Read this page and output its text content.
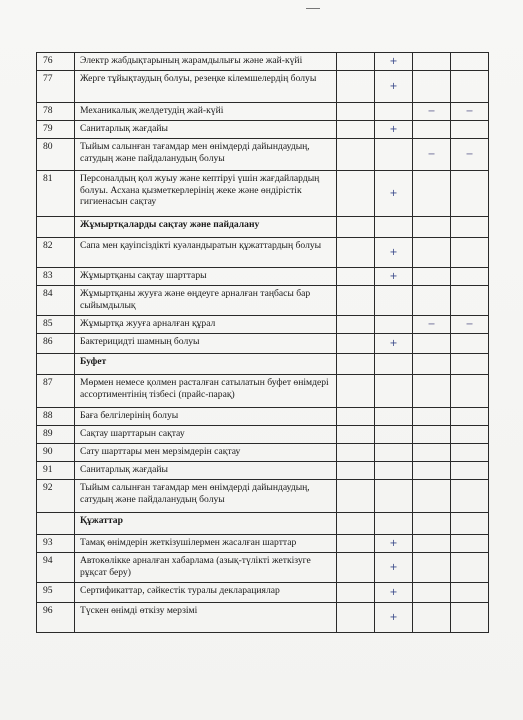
76	Электр жабдықтарының жарамдылығы және жай-күйі		+		
77	Жерге тұйықтаудың болуы, резеңке кілемшелердің болуы		+		
78	Механикалық желдетудің жай-күйі			−	−
79	Санитарлық жағдайы		+		
80	Тыйым салынған тағамдар мен өнімдерді дайындаудың, сатудың және пайдаланудың болуы			−	−
81	Персоналдың қол жуыу және кептіруі үшін жағдайлардың болуы. Асхана қызметкерлерінің жеке және өндірістік гигиенасын сақтау		+		
	Жұмыртқаларды сақтау және пайдалану				
82	Сапа мен қауіпсіздікті куәландыратын құжаттардың болуы		+		
83	Жұмыртқаны сақтау шарттары		+		
84	Жұмыртқаны жууға және өңдеуге арналған таңбасы бар сыйымдылық				
85	Жұмыртқа жууға арналған құрал			−	−
86	Бактерицидті шамның болуы		+		
	Буфет				
87	Мөрмен немесе қолмен расталған сатылатын буфет өнімдері ассортиментінің тізбесі (прайс-парақ)				
88	Баға белгілерінің болуы				
89	Сақтау шарттарын сақтау				
90	Сату шарттары мен мерзімдерін сақтау				
91	Санитарлық жағдайы				
92	Тыйым салынған тағамдар мен өнімдерді дайындаудың, сатудың және пайдаланудың болуы				
	Құжаттар				
93	Тамақ өнімдерін жеткізушілермен жасалған шарттар		+		
94	Автокөлікке арналған хабарлама (азық-түлікті жеткізуге рұқсат беру)		+		
95	Сертификаттар, сәйкестік туралы декларациялар		+		
96	Түскен өнімді өткізу мерзімі		+		
